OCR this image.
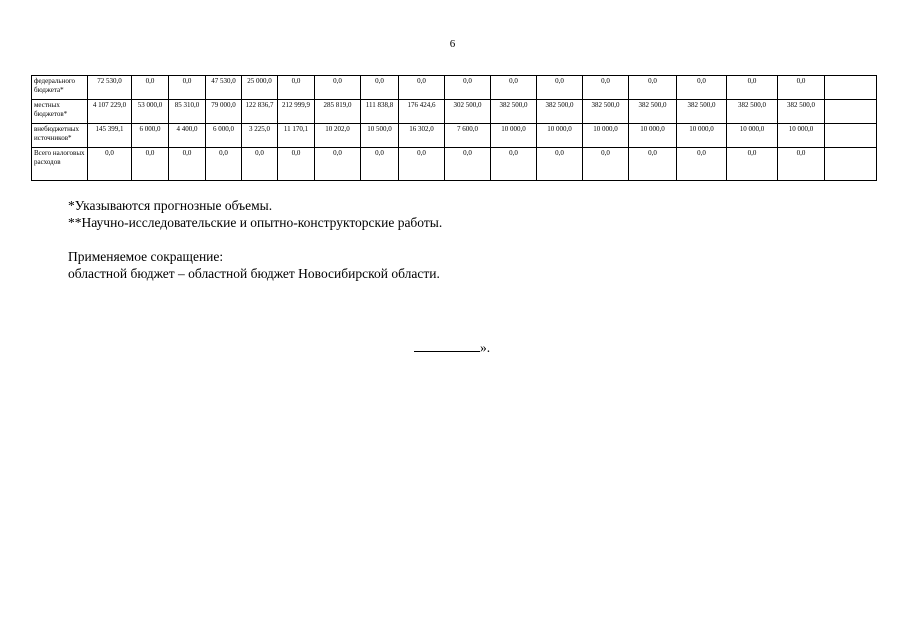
6
федерального бюджета*	72 530,0	0,0	0,0	47 530,0	25 000,0	0,0	0,0	0,0	0,0	0,0	0,0	0,0	0,0	0,0	0,0	0,0	0,0	
местных бюджетов*	4 107 229,0	53 000,0	85 310,0	79 000,0	122 836,7	212 999,9	285 819,0	111 838,8	176 424,6	302 500,0	382 500,0	382 500,0	382 500,0	382 500,0	382 500,0	382 500,0	382 500,0	
внебюджетных источников*	145 399,1	6 000,0	4 400,0	6 000,0	3 225,0	11 170,1	10 202,0	10 500,0	16 302,0	7 600,0	10 000,0	10 000,0	10 000,0	10 000,0	10 000,0	10 000,0	10 000,0	
Всего налоговых расходов	0,0	0,0	0,0	0,0	0,0	0,0	0,0	0,0	0,0	0,0	0,0	0,0	0,0	0,0	0,0	0,0	0,0	

*Указываются прогнозные объемы.

**Научно-исследовательские и опытно-конструкторские работы.

Применяемое сокращение:

областной бюджет – областной бюджет Новосибирской области.

».
